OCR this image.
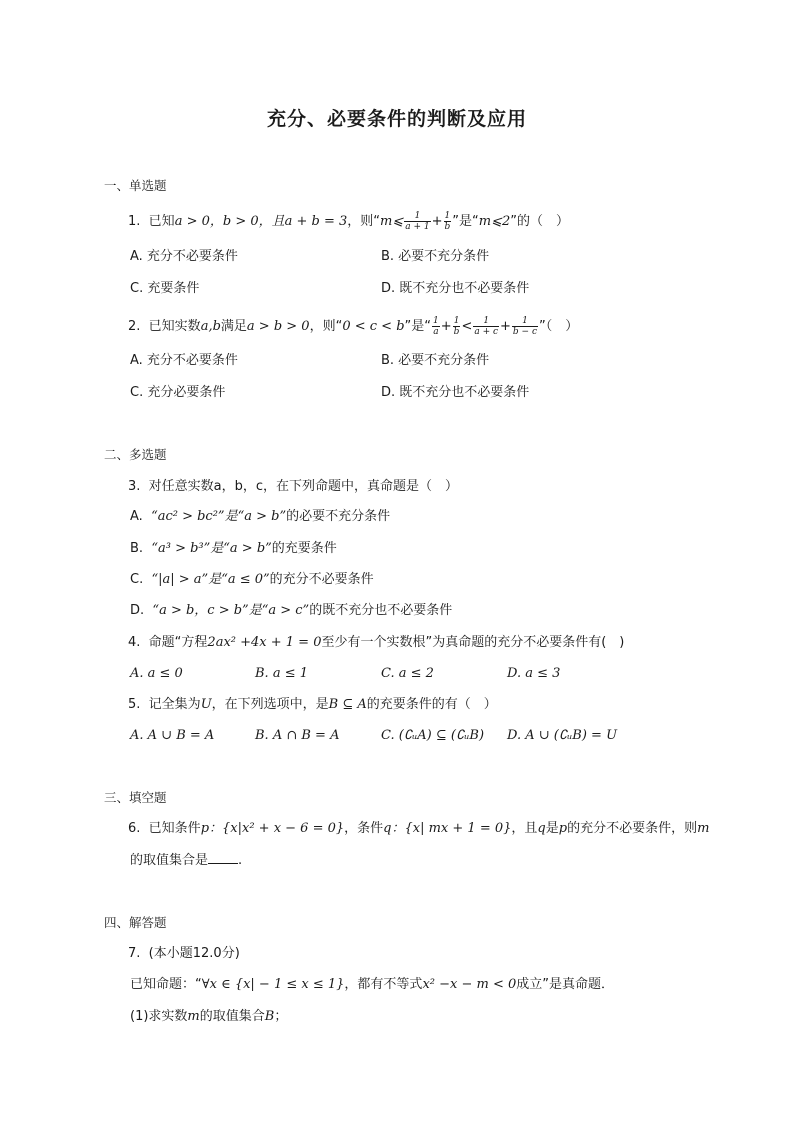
充分、必要条件的判断及应用
一、单选题
1. 已知a > 0，b > 0，且a + b = 3，则“m⩽ $\frac{1}{a + 1} + \frac{1}{b}$ ”是“m⩽2”的（　）
A. 充分不必要条件	B. 必要不充分条件
C. 充要条件	D. 既不充分也不必要条件
2. 已知实数a,b满足a > b > 0，则“0 < c < b”是“ $\frac{1}{a} + \frac{1}{b} < \frac{1}{a + c} + \frac{1}{b - c}$ ”（　）
A. 充分不必要条件	B. 必要不充分条件
C. 充分必要条件	D. 既不充分也不必要条件
二、多选题
3. 对任意实数a，b，c，在下列命题中，真命题是（　）
A. “ac² > bc²”是“a > b”的必要不充分条件
B. “a³ > b³”是“a > b”的充要条件
C. “|a| > a”是“a ≤ 0”的充分不必要条件
D. “a > b，c > b”是“a > c”的既不充分也不必要条件
4. 命题“方程2ax² +4x + 1 = 0至少有一个实数根”为真命题的充分不必要条件有(　)
A. a ≤ 0	B. a ≤ 1	C. a ≤ 2	D. a ≤ 3
5. 记全集为U，在下列选项中，是B ⊆ A的充要条件的有（　）
A. A ∪ B = A	B. A ∩ B = A	C. (∁ᵤA) ⊆ (∁ᵤB) D. A ∪ (∁ᵤB) = U
三、填空题
6. 已知条件p：{x|x² + x − 6 = 0}，条件q：{x| mx + 1 = 0}，且q是p的充分不必要条件，则m
的取值集合是 .
四、解答题
7. (本小题12.0分)
已知命题：“∀x ∈ {x| − 1 ≤ x ≤ 1}，都有不等式x² −x − m < 0成立”是真命题．
(1)求实数m的取值集合B；
